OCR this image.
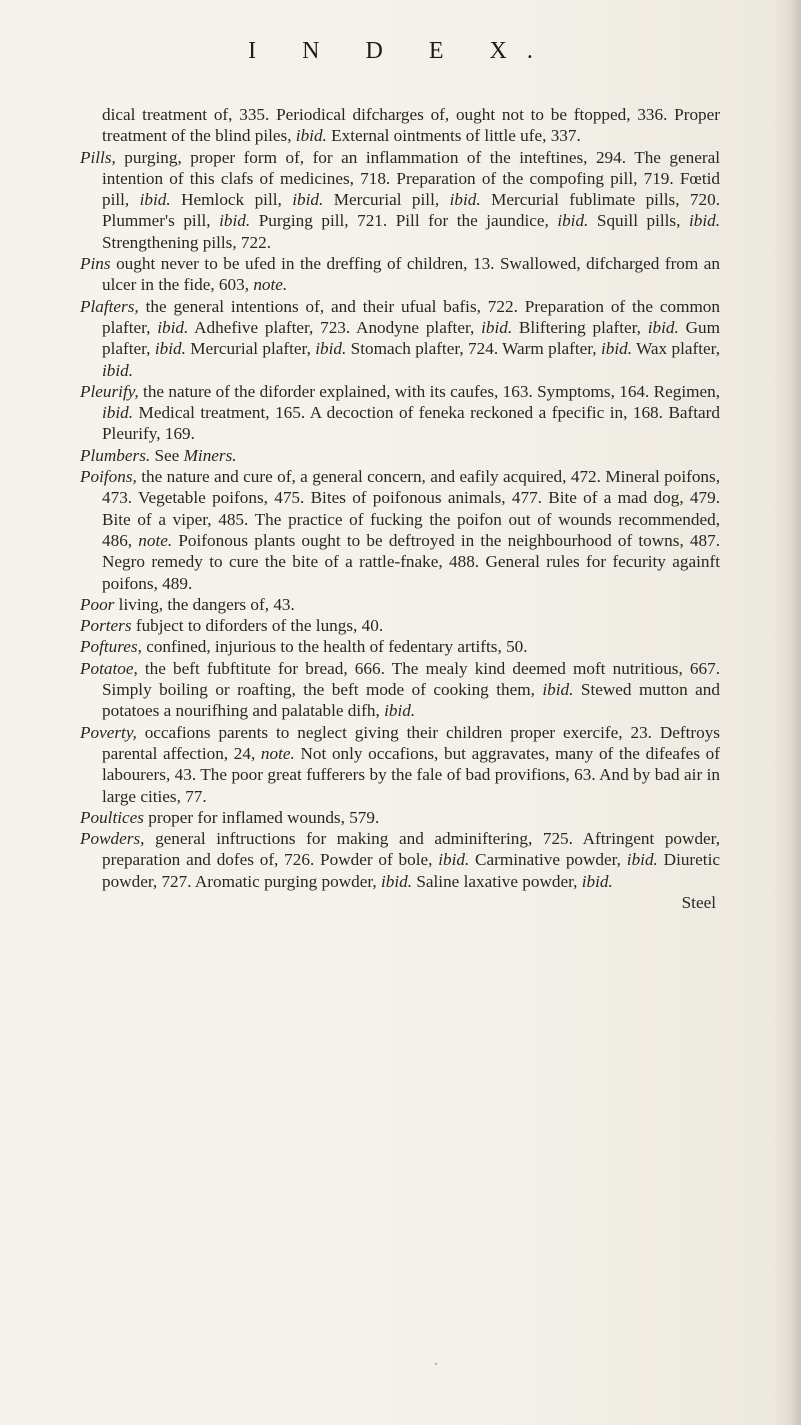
I N D E X.

dical treatment of, 335. Periodical difcharges of, ought not to be ftopped, 336. Proper treatment of the blind piles, ibid. External ointments of little ufe, 337.

Pills, purging, proper form of, for an inflammation of the inteftines, 294. The general intention of this clafs of medicines, 718. Preparation of the compofing pill, 719. Fœtid pill, ibid. Hemlock pill, ibid. Mercurial pill, ibid. Mercurial fublimate pills, 720. Plummer's pill, ibid. Purging pill, 721. Pill for the jaundice, ibid. Squill pills, ibid. Strengthening pills, 722.

Pins ought never to be ufed in the dreffing of children, 13. Swallowed, difcharged from an ulcer in the fide, 603, note.

Plafters, the general intentions of, and their ufual bafis, 722. Preparation of the common plafter, ibid. Adhefive plafter, 723. Anodyne plafter, ibid. Bliftering plafter, ibid. Gum plafter, ibid. Mercurial plafter, ibid. Stomach plafter, 724. Warm plafter, ibid. Wax plafter, ibid.

Pleurify, the nature of the diforder explained, with its caufes, 163. Symptoms, 164. Regimen, ibid. Medical treatment, 165. A decoction of feneka reckoned a fpecific in, 168. Baftard Pleurify, 169.

Plumbers. See Miners.

Poifons, the nature and cure of, a general concern, and eafily acquired, 472. Mineral poifons, 473. Vegetable poifons, 475. Bites of poifonous animals, 477. Bite of a mad dog, 479. Bite of a viper, 485. The practice of fucking the poifon out of wounds recommended, 486, note. Poifonous plants ought to be deftroyed in the neighbourhood of towns, 487. Negro remedy to cure the bite of a rattle-fnake, 488. General rules for fecurity againft poifons, 489.

Poor living, the dangers of, 43.

Porters fubject to diforders of the lungs, 40.

Poftures, confined, injurious to the health of fedentary artifts, 50.

Potatoe, the beft fubftitute for bread, 666. The mealy kind deemed moft nutritious, 667. Simply boiling or roafting, the beft mode of cooking them, ibid. Stewed mutton and potatoes a nourifhing and palatable difh, ibid.

Poverty, occafions parents to neglect giving their children proper exercife, 23. Deftroys parental affection, 24, note. Not only occafions, but aggravates, many of the difeafes of labourers, 43. The poor great fufferers by the fale of bad provifions, 63. And by bad air in large cities, 77.

Poultices proper for inflamed wounds, 579.

Powders, general inftructions for making and adminiftering, 725. Aftringent powder, preparation and dofes of, 726. Powder of bole, ibid. Carminative powder, ibid. Diuretic powder, 727. Aromatic purging powder, ibid. Saline laxative powder, ibid.

Steel
`
